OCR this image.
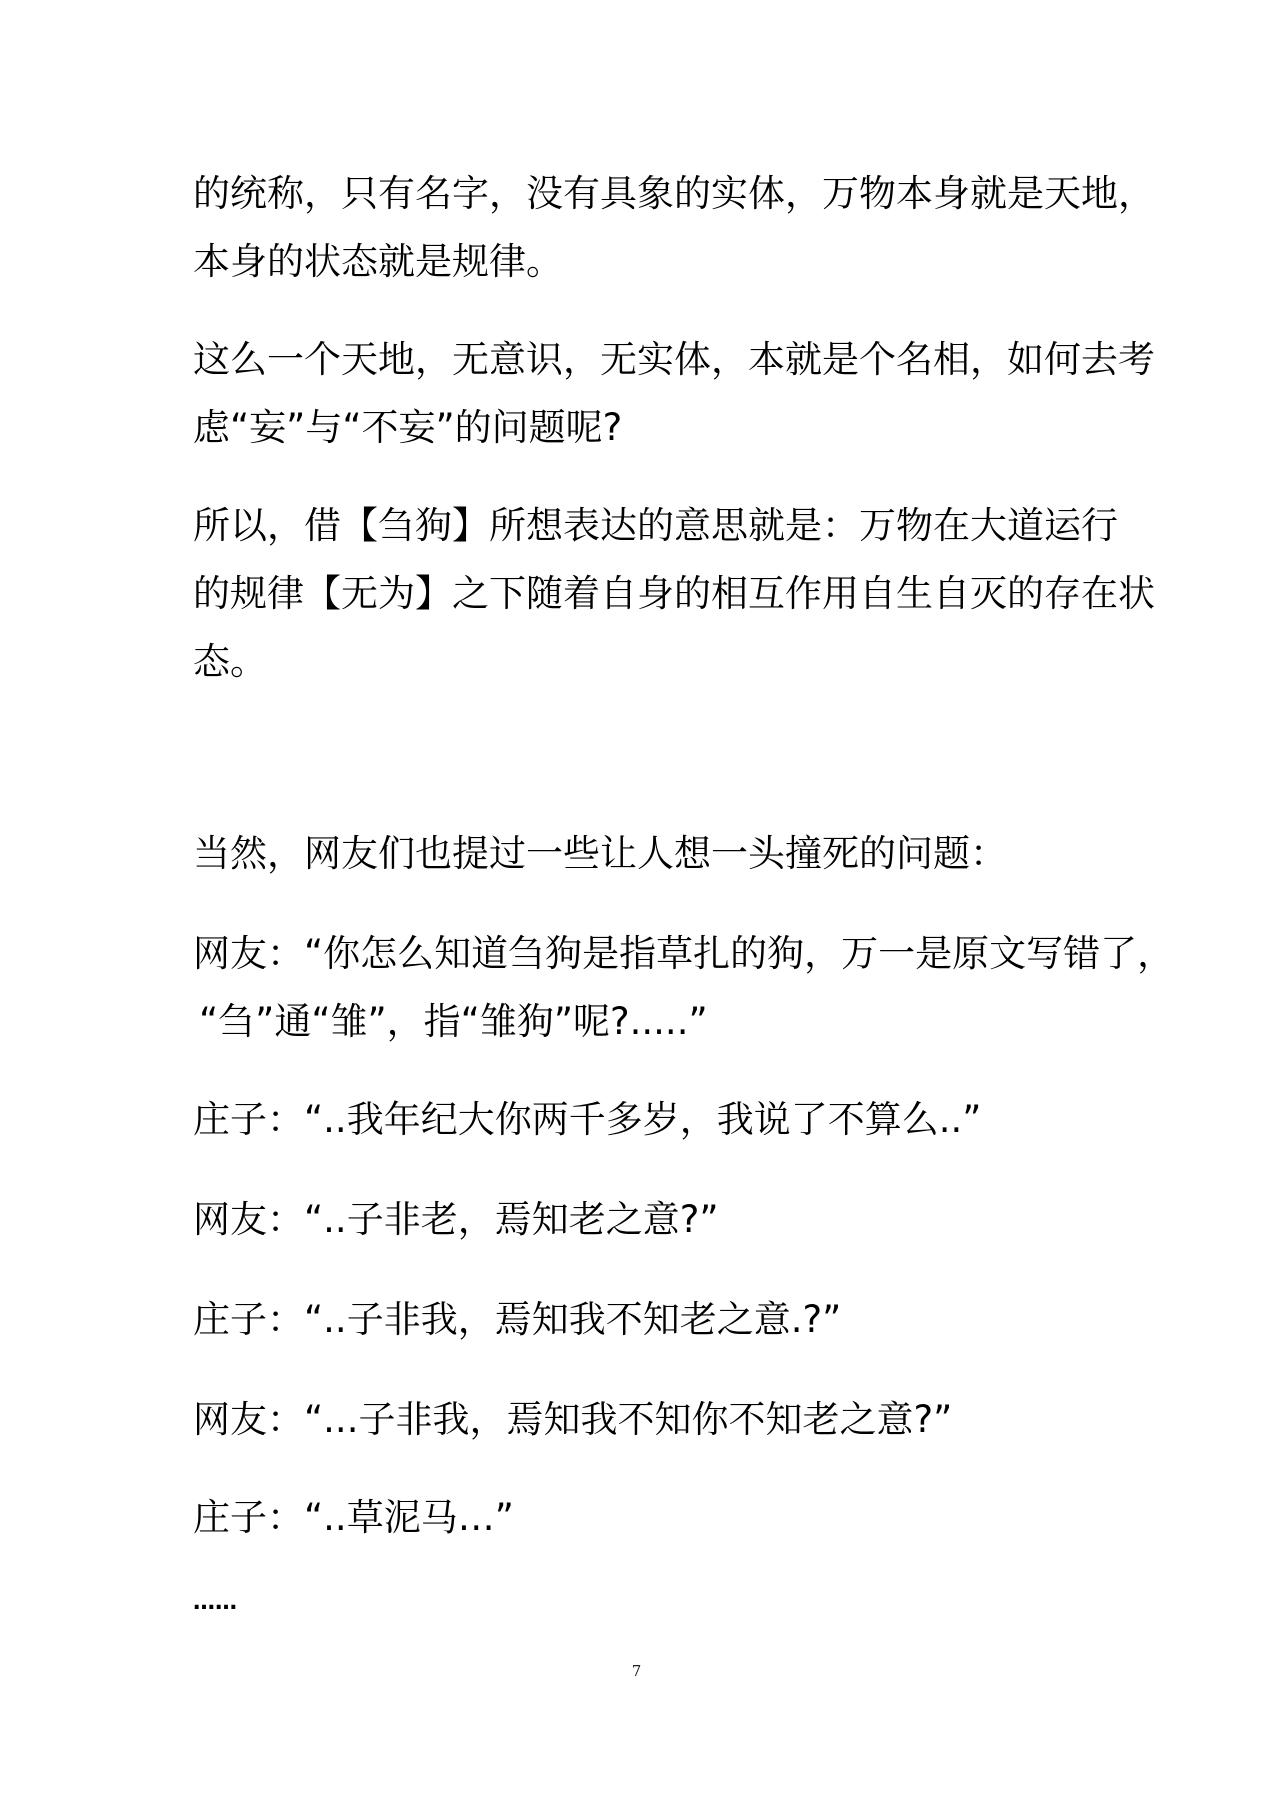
的统称，只有名字，没有具象的实体，万物本身就是天地，
本身的状态就是规律。

这么一个天地，无意识，无实体，本就是个名相，如何去考
虑“妄”与“不妄”的问题呢?

所以，借【刍狗】所想表达的意思就是：万物在大道运行
的规律【无为】之下随着自身的相互作用自生自灭的存在状
态。

当然，网友们也提过一些让人想一头撞死的问题：

网友：“你怎么知道刍狗是指草扎的狗，万一是原文写错了，
“刍”通“雏”，指“雏狗”呢?.....”

庄子：“..我年纪大你两千多岁，我说了不算么..”

网友：“..子非老，焉知老之意?”

庄子：“..子非我，焉知我不知老之意.?”

网友：“...子非我，焉知我不知你不知老之意?”

庄子：“..草泥马…”

……
7
